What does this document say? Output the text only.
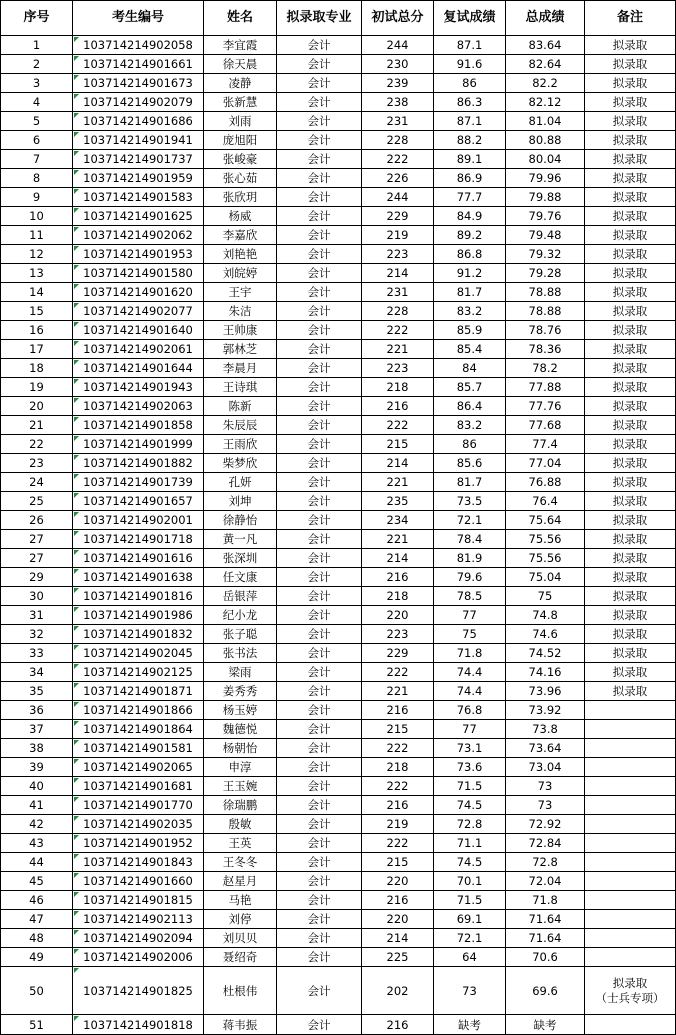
序号	考生编号	姓名	拟录取专业	初试总分	复试成绩	总成绩	备注
1	103714214902058	李宜霞	会计	244	87.1	83.64	拟录取
2	103714214901661	徐天晨	会计	230	91.6	82.64	拟录取
3	103714214901673	凌静	会计	239	86	82.2	拟录取
4	103714214902079	张新慧	会计	238	86.3	82.12	拟录取
5	103714214901686	刘雨	会计	231	87.1	81.04	拟录取
6	103714214901941	庞旭阳	会计	228	88.2	80.88	拟录取
7	103714214901737	张峻豪	会计	222	89.1	80.04	拟录取
8	103714214901959	张心茹	会计	226	86.9	79.96	拟录取
9	103714214901583	张欣玥	会计	244	77.7	79.88	拟录取
10	103714214901625	杨威	会计	229	84.9	79.76	拟录取
11	103714214902062	李嘉欣	会计	219	89.2	79.48	拟录取
12	103714214901953	刘艳艳	会计	223	86.8	79.32	拟录取
13	103714214901580	刘皖婷	会计	214	91.2	79.28	拟录取
14	103714214901620	王宇	会计	231	81.7	78.88	拟录取
15	103714214902077	朱洁	会计	228	83.2	78.88	拟录取
16	103714214901640	王帅康	会计	222	85.9	78.76	拟录取
17	103714214902061	郭林芝	会计	221	85.4	78.36	拟录取
18	103714214901644	李晨月	会计	223	84	78.2	拟录取
19	103714214901943	王诗琪	会计	218	85.7	77.88	拟录取
20	103714214902063	陈新	会计	216	86.4	77.76	拟录取
21	103714214901858	朱辰辰	会计	222	83.2	77.68	拟录取
22	103714214901999	王雨欣	会计	215	86	77.4	拟录取
23	103714214901882	柴梦欣	会计	214	85.6	77.04	拟录取
24	103714214901739	孔妍	会计	221	81.7	76.88	拟录取
25	103714214901657	刘坤	会计	235	73.5	76.4	拟录取
26	103714214902001	徐静怡	会计	234	72.1	75.64	拟录取
27	103714214901718	黄一凡	会计	221	78.4	75.56	拟录取
27	103714214901616	张深圳	会计	214	81.9	75.56	拟录取
29	103714214901638	任文康	会计	216	79.6	75.04	拟录取
30	103714214901816	岳银萍	会计	218	78.5	75	拟录取
31	103714214901986	纪小龙	会计	220	77	74.8	拟录取
32	103714214901832	张子聪	会计	223	75	74.6	拟录取
33	103714214902045	张书法	会计	229	71.8	74.52	拟录取
34	103714214902125	梁雨	会计	222	74.4	74.16	拟录取
35	103714214901871	姜秀秀	会计	221	74.4	73.96	拟录取
36	103714214901866	杨玉婷	会计	216	76.8	73.92	
37	103714214901864	魏德悦	会计	215	77	73.8	
38	103714214901581	杨朝怡	会计	222	73.1	73.64	
39	103714214902065	申淳	会计	218	73.6	73.04	
40	103714214901681	王玉婉	会计	222	71.5	73	
41	103714214901770	徐瑞鹏	会计	216	74.5	73	
42	103714214902035	殷敏	会计	219	72.8	72.92	
43	103714214901952	王英	会计	222	71.1	72.84	
44	103714214901843	王冬冬	会计	215	74.5	72.8	
45	103714214901660	赵星月	会计	220	70.1	72.04	
46	103714214901815	马艳	会计	216	71.5	71.8	
47	103714214902113	刘停	会计	220	69.1	71.64	
48	103714214902094	刘贝贝	会计	214	72.1	71.64	
49	103714214902006	聂绍奇	会计	225	64	70.6	
50	103714214901825	杜根伟	会计	202	73	69.6	拟录取
（士兵专项）
51	103714214901818	蒋韦振	会计	216	缺考	缺考	
